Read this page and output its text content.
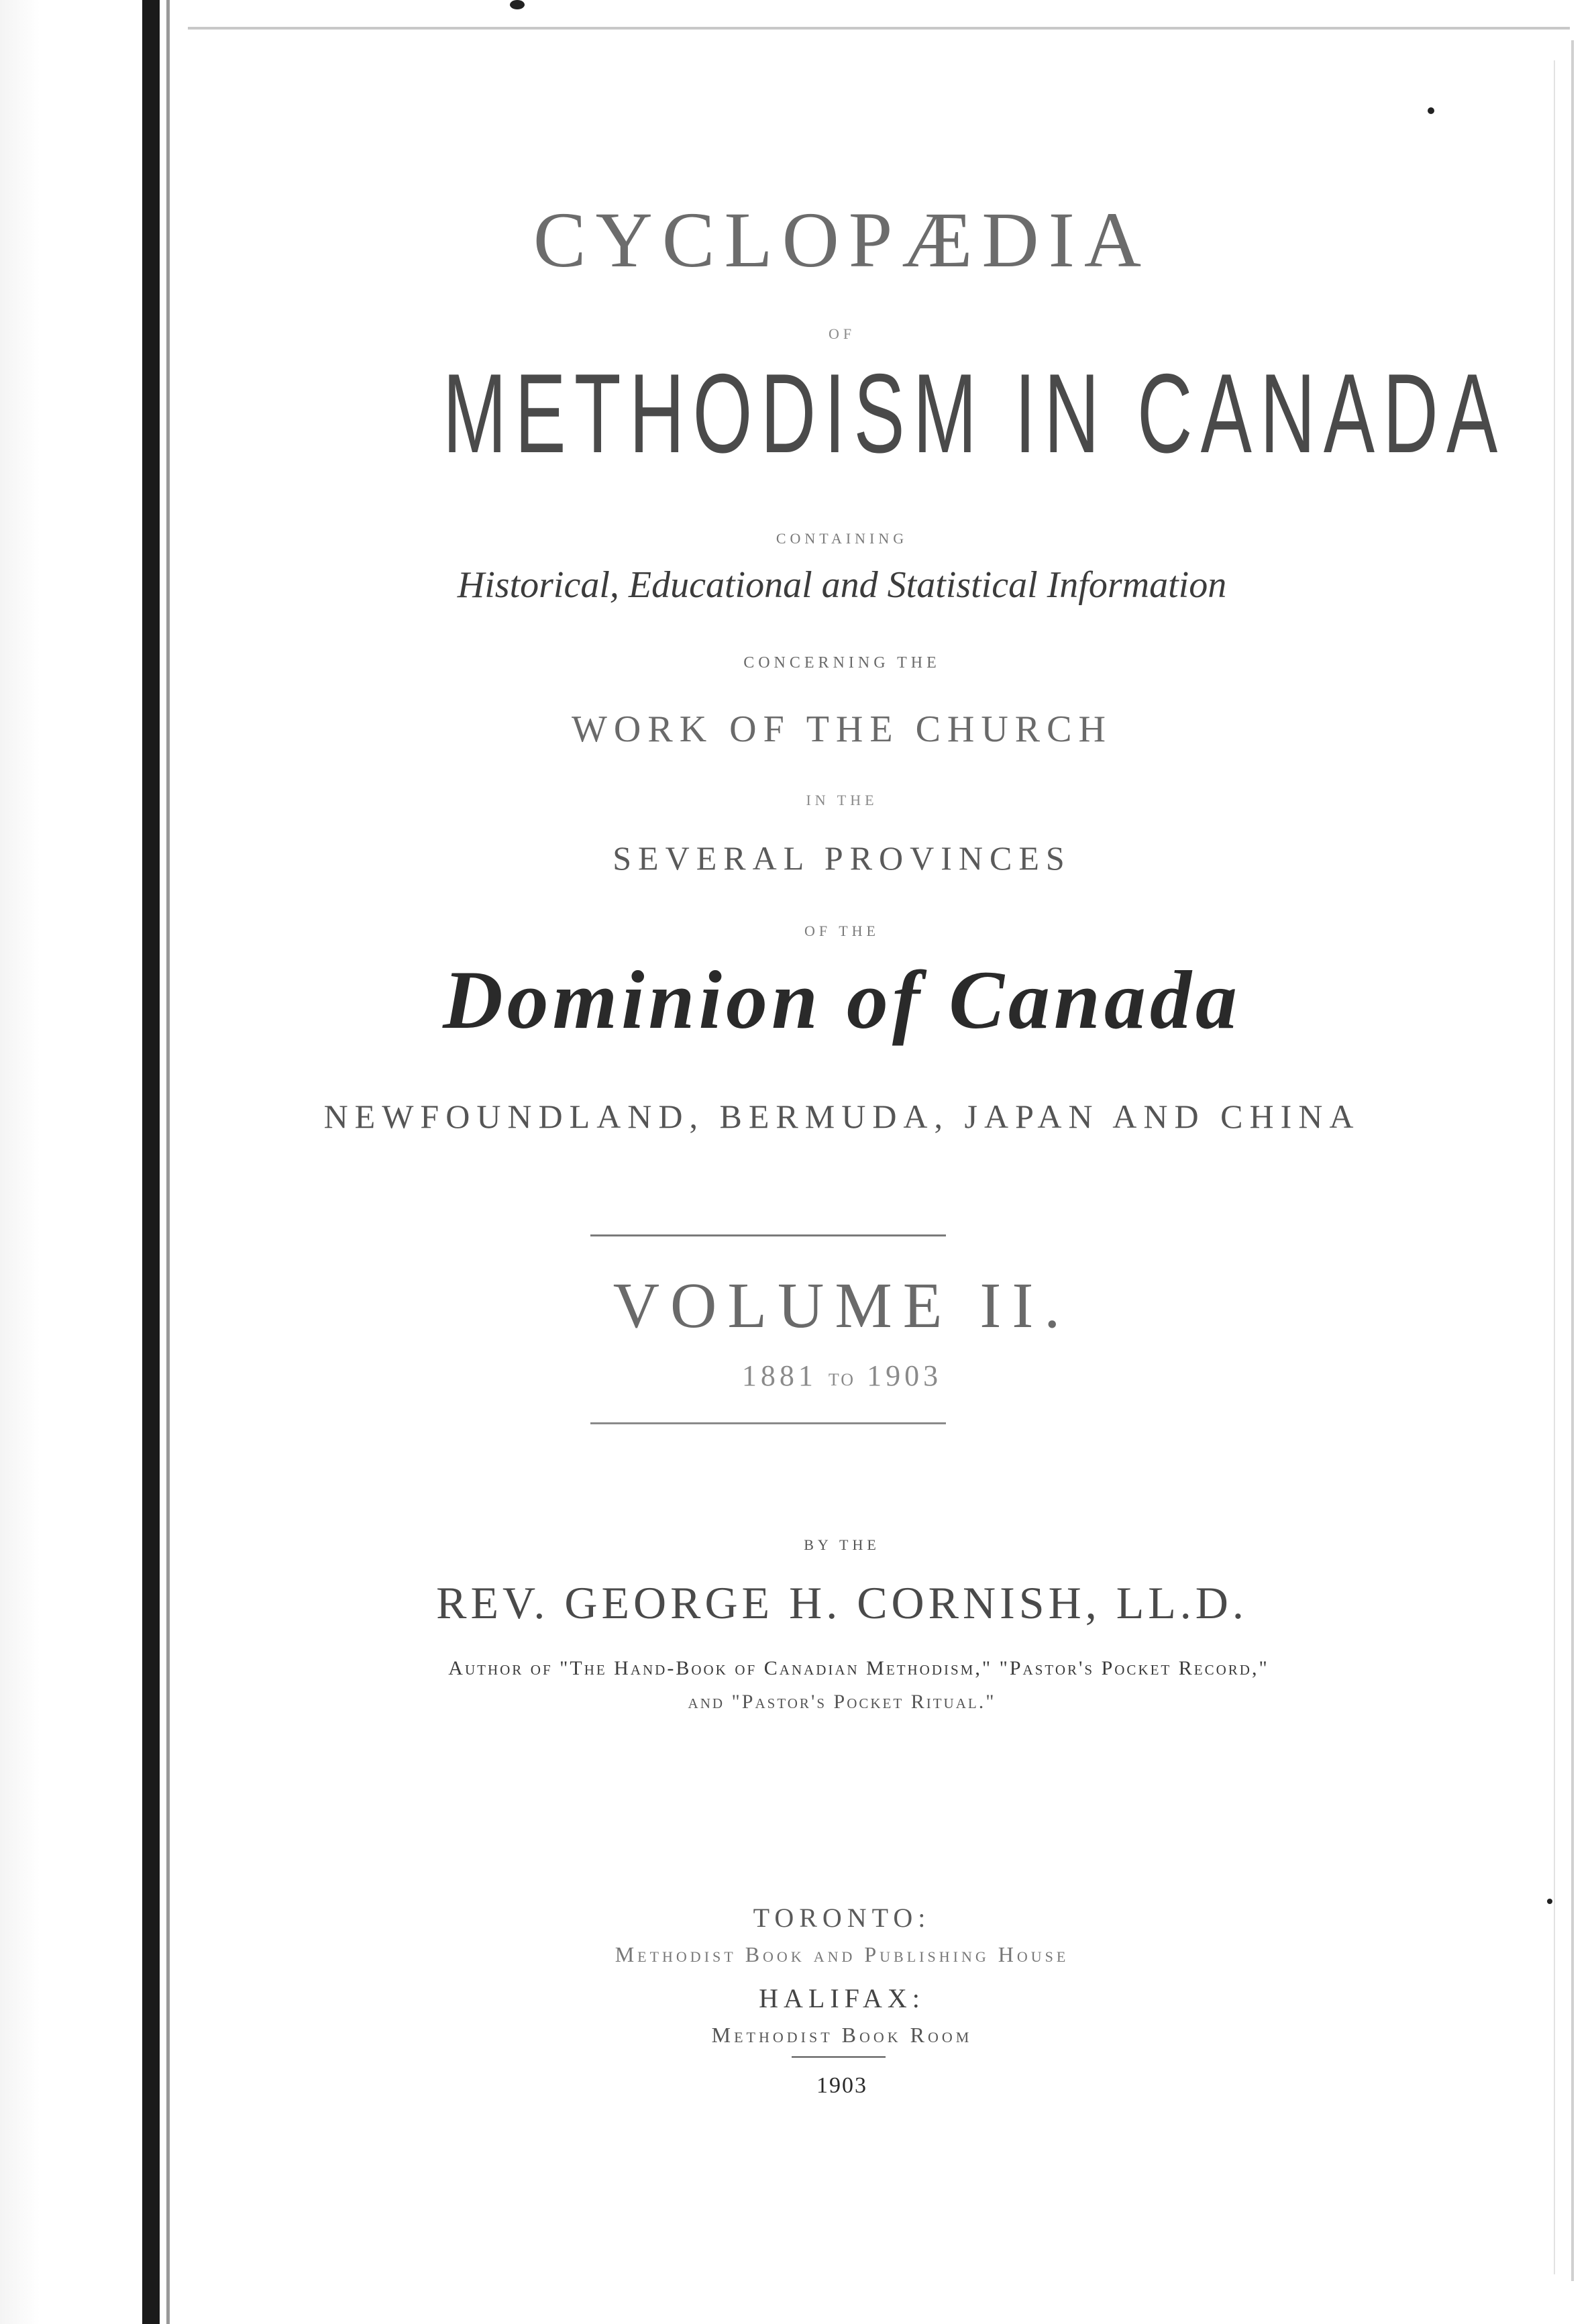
CYCLOPÆDIA
OF
METHODISM IN CANADA
CONTAINING
Historical, Educational and Statistical Information
CONCERNING THE
WORK OF THE CHURCH
IN THE
SEVERAL PROVINCES
OF THE
Dominion of Canada
NEWFOUNDLAND, BERMUDA, JAPAN AND CHINA
VOLUME II.
1881 TO 1903
BY THE
REV. GEORGE H. CORNISH, LL.D.
Author of "The Hand-Book of Canadian Methodism," "Pastor's Pocket Record,"
and "Pastor's Pocket Ritual."
TORONTO:
Methodist Book and Publishing House
HALIFAX:
Methodist Book Room
1903
